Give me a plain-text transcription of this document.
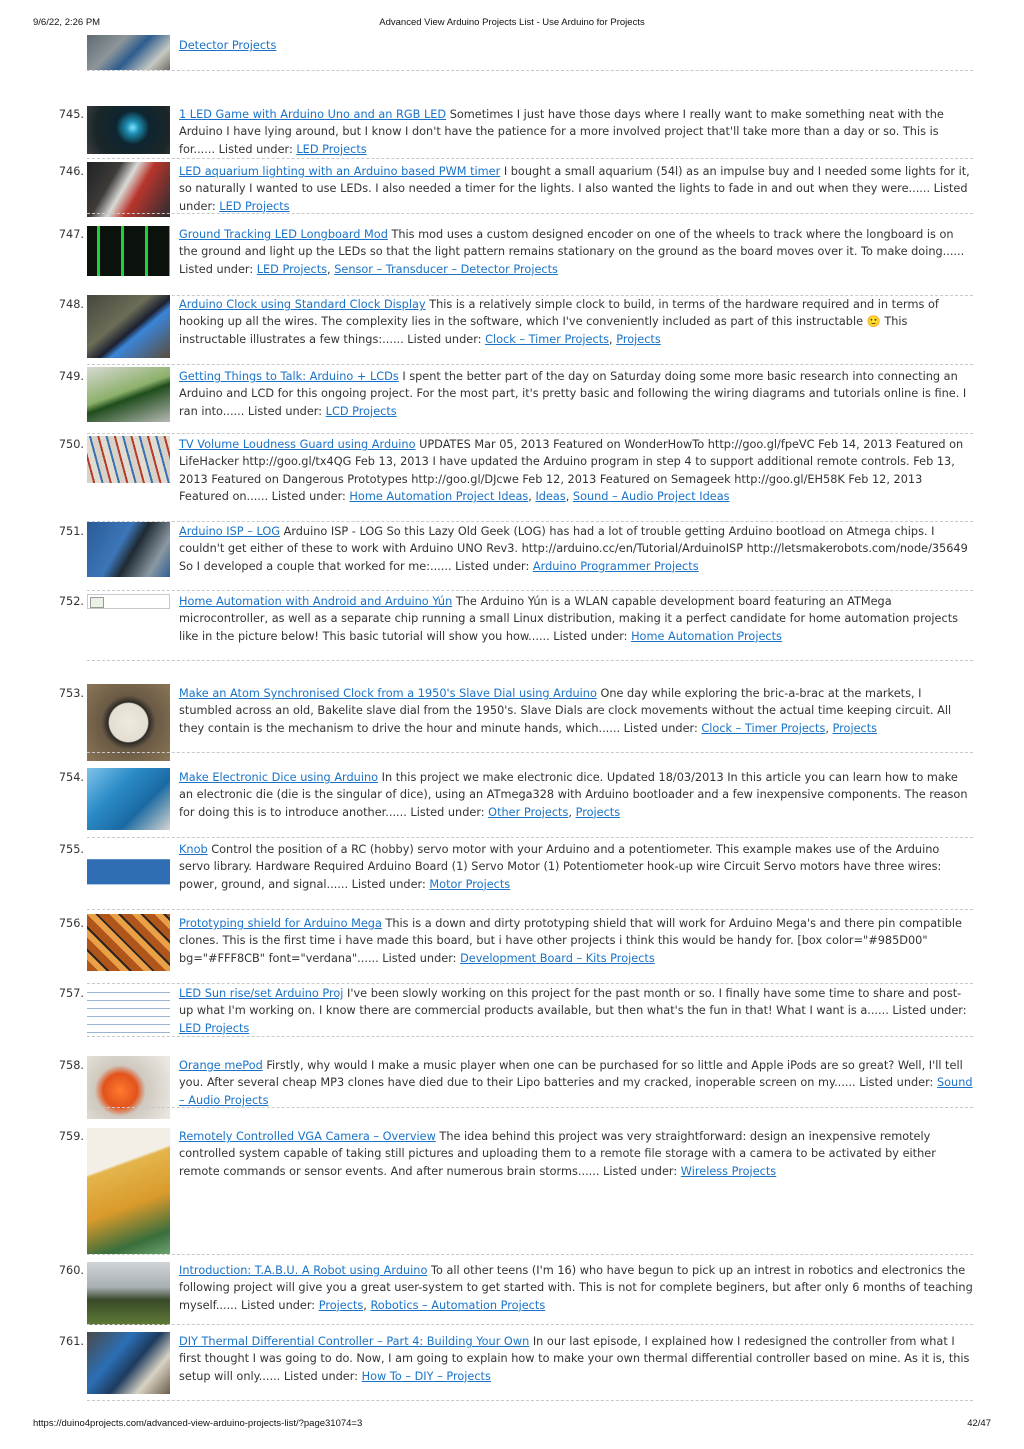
9/6/22, 2:26 PM	Advanced View Arduino Projects List - Use Arduino for Projects
Detector Projects
745.	1 LED Game with Arduino Uno and an RGB LED Sometimes I just have those days where I really want to make something neat with the Arduino I have lying around, but I know I don't have the patience for a more involved project that'll take more than a day or so. This is for...... Listed under: LED Projects
746.	LED aquarium lighting with an Arduino based PWM timer I bought a small aquarium (54l) as an impulse buy and I needed some lights for it, so naturally I wanted to use LEDs. I also needed a timer for the lights. I also wanted the lights to fade in and out when they were...... Listed under: LED Projects
747.	Ground Tracking LED Longboard Mod This mod uses a custom designed encoder on one of the wheels to track where the longboard is on the ground and light up the LEDs so that the light pattern remains stationary on the ground as the board moves over it. To make doing...... Listed under: LED Projects, Sensor – Transducer – Detector Projects
748.	Arduino Clock using Standard Clock Display This is a relatively simple clock to build, in terms of the hardware required and in terms of hooking up all the wires. The complexity lies in the software, which I've conveniently included as part of this instructable 🙂 This instructable illustrates a few things:...... Listed under: Clock – Timer Projects, Projects
749.	Getting Things to Talk: Arduino + LCDs I spent the better part of the day on Saturday doing some more basic research into connecting an Arduino and LCD for this ongoing project. For the most part, it's pretty basic and following the wiring diagrams and tutorials online is fine. I ran into...... Listed under: LCD Projects
750.	TV Volume Loudness Guard using Arduino UPDATES Mar 05, 2013 Featured on WonderHowTo http://goo.gl/fpeVC Feb 14, 2013 Featured on LifeHacker http://goo.gl/tx4QG Feb 13, 2013 I have updated the Arduino program in step 4 to support additional remote controls. Feb 13, 2013 Featured on Dangerous Prototypes http://goo.gl/DJcwe Feb 12, 2013 Featured on Semageek http://goo.gl/EH58K Feb 12, 2013 Featured on...... Listed under: Home Automation Project Ideas, Ideas, Sound – Audio Project Ideas
751.	Arduino ISP – LOG Arduino ISP - LOG So this Lazy Old Geek (LOG) has had a lot of trouble getting Arduino bootload on Atmega chips. I couldn't get either of these to work with Arduino UNO Rev3. http://arduino.cc/en/Tutorial/ArduinoISP http://letsmakerobots.com/node/35649 So I developed a couple that worked for me:...... Listed under: Arduino Programmer Projects
752.	Home Automation with Android and Arduino Yún The Arduino Yún is a WLAN capable development board featuring an ATMega microcontroller, as well as a separate chip running a small Linux distribution, making it a perfect candidate for home automation projects like in the picture below! This basic tutorial will show you how...... Listed under: Home Automation Projects
753.	Make an Atom Synchronised Clock from a 1950's Slave Dial using Arduino One day while exploring the bric-a-brac at the markets, I stumbled across an old, Bakelite slave dial from the 1950's. Slave Dials are clock movements without the actual time keeping circuit. All they contain is the mechanism to drive the hour and minute hands, which...... Listed under: Clock – Timer Projects, Projects
754.	Make Electronic Dice using Arduino In this project we make electronic dice. Updated 18/03/2013 In this article you can learn how to make an electronic die (die is the singular of dice), using an ATmega328 with Arduino bootloader and a few inexpensive components. The reason for doing this is to introduce another...... Listed under: Other Projects, Projects
755.	Knob Control the position of a RC (hobby) servo motor with your Arduino and a potentiometer. This example makes use of the Arduino servo library. Hardware Required Arduino Board (1) Servo Motor (1) Potentiometer hook-up wire Circuit Servo motors have three wires: power, ground, and signal...... Listed under: Motor Projects
756.	Prototyping shield for Arduino Mega This is a down and dirty prototyping shield that will work for Arduino Mega's and there pin compatible clones. This is the first time i have made this board, but i have other projects i think this would be handy for. [box color="#985D00" bg="#FFF8CB" font="verdana"...... Listed under: Development Board – Kits Projects
757.	LED Sun rise/set Arduino Proj I've been slowly working on this project for the past month or so. I finally have some time to share and post-up what I'm working on. I know there are commercial products available, but then what's the fun in that! What I want is a...... Listed under: LED Projects
758.	Orange mePod Firstly, why would I make a music player when one can be purchased for so little and Apple iPods are so great? Well, I'll tell you. After several cheap MP3 clones have died due to their Lipo batteries and my cracked, inoperable screen on my...... Listed under: Sound – Audio Projects
759.	Remotely Controlled VGA Camera – Overview The idea behind this project was very straightforward: design an inexpensive remotely controlled system capable of taking still pictures and uploading them to a remote file storage with a camera to be activated by either remote commands or sensor events. And after numerous brain storms...... Listed under: Wireless Projects
760.	Introduction: T.A.B.U. A Robot using Arduino To all other teens (I'm 16) who have begun to pick up an intrest in robotics and electronics the following project will give you a great user-system to get started with. This is not for complete beginers, but after only 6 months of teaching myself...... Listed under: Projects, Robotics – Automation Projects
761.	DIY Thermal Differential Controller – Part 4: Building Your Own In our last episode, I explained how I redesigned the controller from what I first thought I was going to do. Now, I am going to explain how to make your own thermal differential controller based on mine. As it is, this setup will only...... Listed under: How To – DIY – Projects
https://duino4projects.com/advanced-view-arduino-projects-list/?page31074=3	42/47
